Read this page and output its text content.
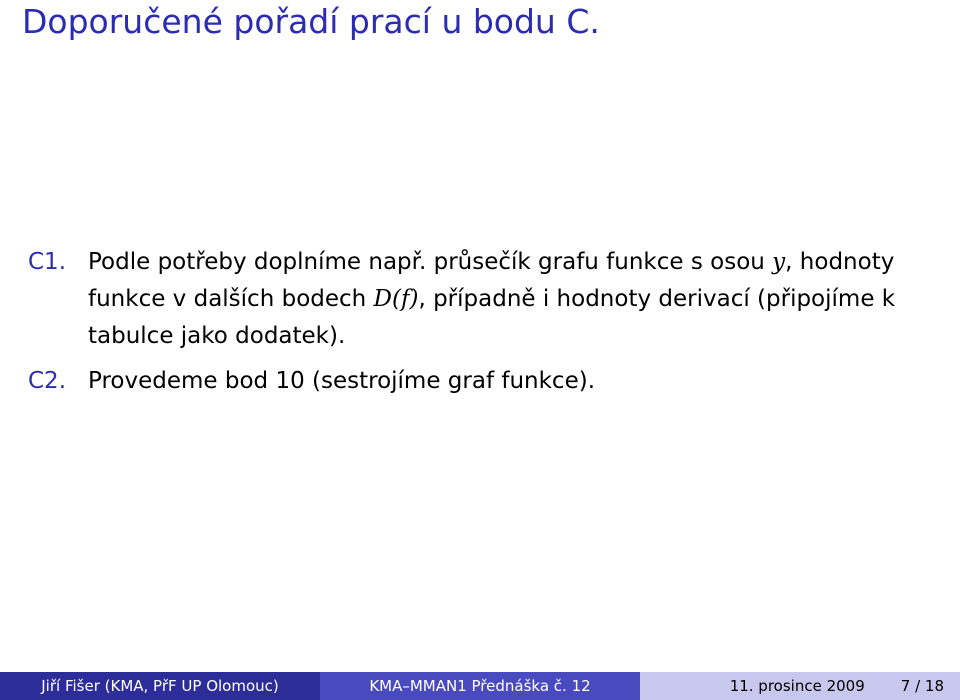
Doporučené pořadí prací u bodu C.
C1. Podle potřeby doplníme např. průsečík grafu funkce s osou y, hodnoty funkce v dalších bodech D(f), případně i hodnoty derivací (připojíme k tabulce jako dodatek).
C2. Provedeme bod 10 (sestrojíme graf funkce).
Jiří Fišer (KMA, PřF UP Olomouc)	KMA–MMAN1 Přednáška č. 12	11. prosince 2009 7 / 18
